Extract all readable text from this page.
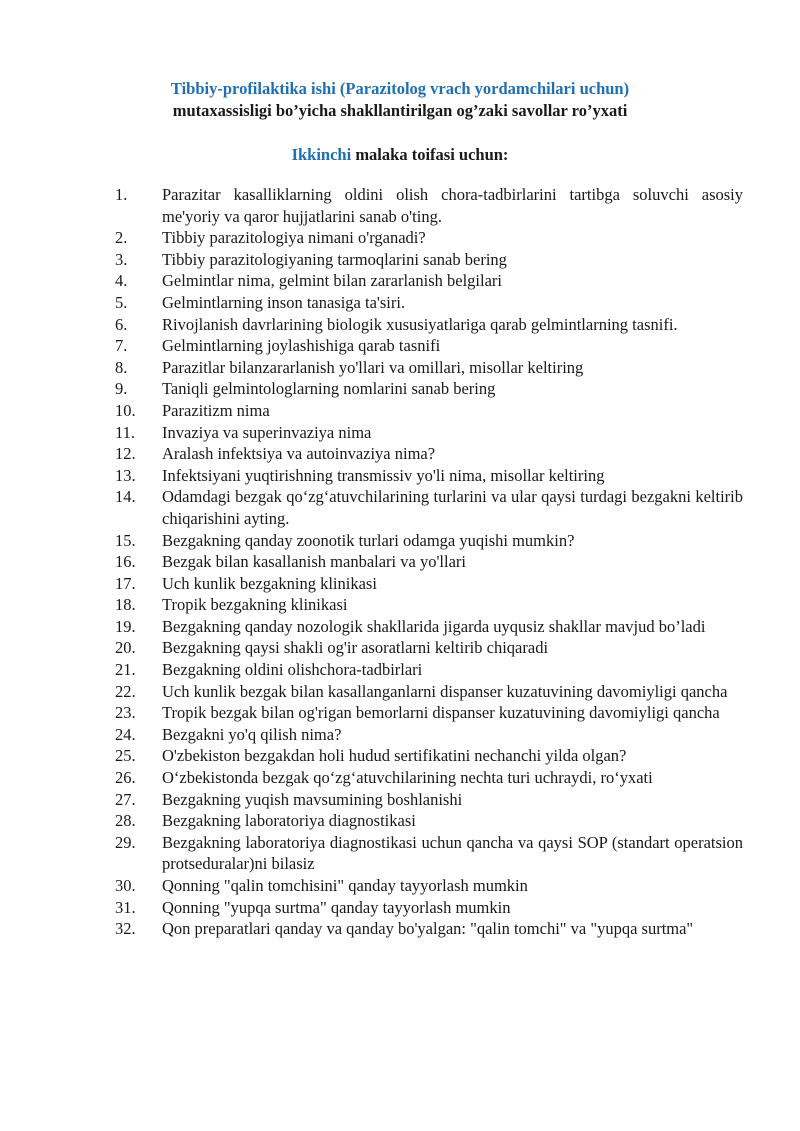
Tibbiy-profilaktika ishi (Parazitolog vrach yordamchilari uchun)
mutaxassisligi bo’yicha shakllantirilgan og’zaki savollar ro’yxati
Ikkinchi malaka toifasi uchun:
1.	Parazitar kasalliklarning oldini olish chora-tadbirlarini tartibga soluvchi asosiy me'yoriy va qaror hujjatlarini sanab o'ting.
2.	Tibbiy parazitologiya nimani o'rganadi?
3.	Tibbiy parazitologiyaning tarmoqlarini sanab bering
4.	Gelmintlar nima, gelmint bilan zararlanish belgilari
5.	Gelmintlarning inson tanasiga ta'siri.
6.	Rivojlanish davrlarining biologik xususiyatlariga qarab gelmintlarning tasnifi.
7.	Gelmintlarning joylashishiga qarab tasnifi
8.	Parazitlar bilanzararlanish yo'llari va omillari, misollar keltiring
9.	Taniqli gelmintologlarning nomlarini sanab bering
10.	Parazitizm nima
11.	Invaziya va superinvaziya nima
12.	Aralash infektsiya va autoinvaziya nima?
13.	Infektsiyani yuqtirishning transmissiv yo'li nima, misollar keltiring
14.	Odamdagi bezgak qo‘zg‘atuvchilarining turlarini va ular qaysi turdagi bezgakni keltirib chiqarishini ayting.
15.	Bezgakning qanday zoonotik turlari odamga yuqishi mumkin?
16.	Bezgak bilan kasallanish manbalari va yo'llari
17.	Uch kunlik bezgakning klinikasi
18.	Tropik bezgakning klinikasi
19.	Bezgakning qanday nozologik shakllarida jigarda uyqusiz shakllar mavjud bo’ladi
20.	Bezgakning qaysi shakli og'ir asoratlarni keltirib chiqaradi
21.	Bezgakning oldini olishchora-tadbirlari
22.	Uch kunlik bezgak bilan kasallanganlarni dispanser kuzatuvining davomiyligi qancha
23.	Tropik bezgak bilan og'rigan bemorlarni dispanser kuzatuvining davomiyligi qancha
24.	Bezgakni yo'q qilish nima?
25.	O'zbekiston bezgakdan holi hudud sertifikatini nechanchi yilda olgan?
26.	O‘zbekistonda bezgak qo‘zg‘atuvchilarining nechta turi uchraydi, ro‘yxati
27.	Bezgakning yuqish mavsumining boshlanishi
28.	Bezgakning laboratoriya diagnostikasi
29.	Bezgakning laboratoriya diagnostikasi uchun qancha va qaysi SOP (standart operatsion protseduralar)ni bilasiz
30.	Qonning "qalin tomchisini" qanday tayyorlash mumkin
31.	Qonning "yupqa surtma" qanday tayyorlash mumkin
32.	Qon preparatlari qanday va qanday bo'yalgan: "qalin tomchi" va "yupqa surtma"
